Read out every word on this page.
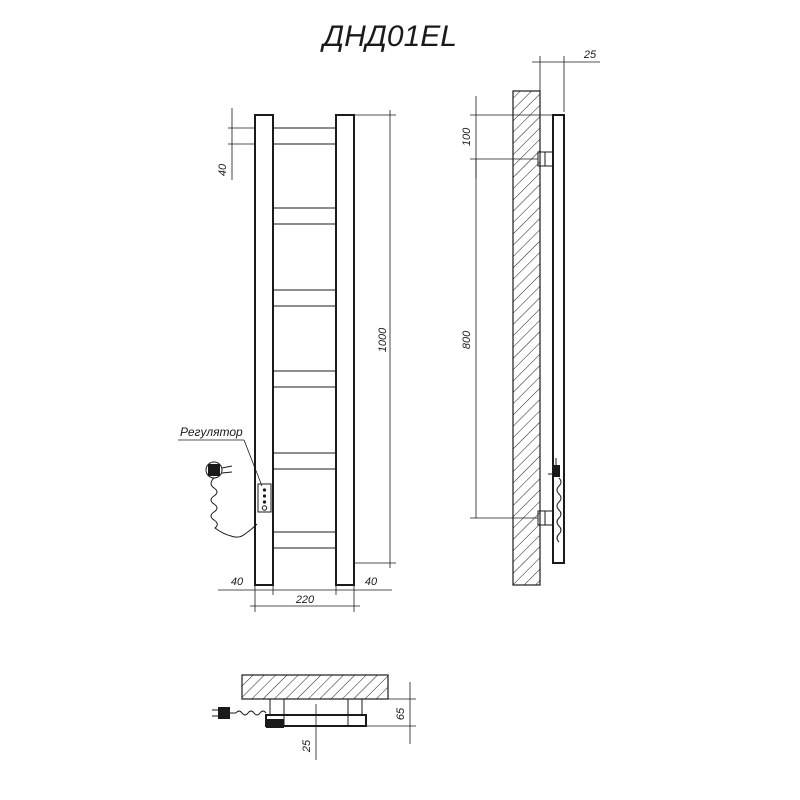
ДНД01EL
Регулятор
40
1000
40	40
220
25
100
800
65
25
